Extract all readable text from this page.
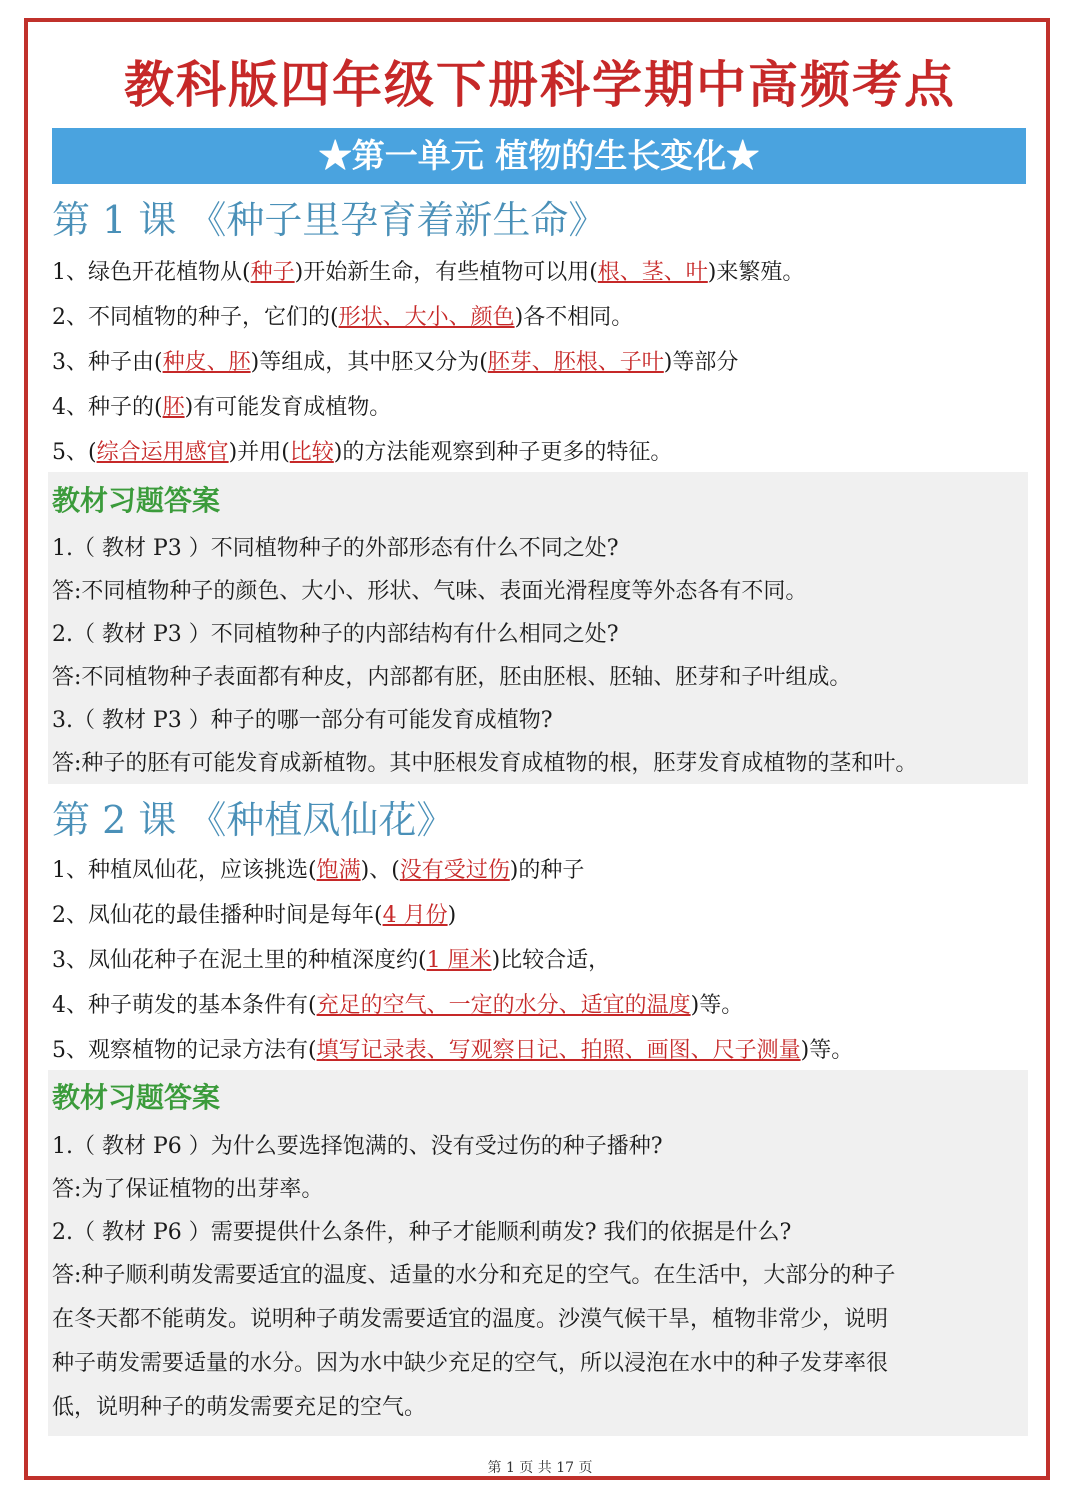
教科版四年级下册科学期中高频考点
★第一单元 植物的生长变化★
第 1 课 《种子里孕育着新生命》
1、绿色开花植物从(种子)开始新生命，有些植物可以用(根、茎、叶)来繁殖。
2、不同植物的种子，它们的(形状、大小、颜色)各不相同。
3、种子由(种皮、胚)等组成，其中胚又分为(胚芽、胚根、子叶)等部分
4、种子的(胚)有可能发育成植物。
5、(综合运用感官)并用(比较)的方法能观察到种子更多的特征。
教材习题答案
1.（ 教材 P3 ）不同植物种子的外部形态有什么不同之处?
答:不同植物种子的颜色、大小、形状、气味、表面光滑程度等外态各有不同。
2.（ 教材 P3 ）不同植物种子的内部结构有什么相同之处?
答:不同植物种子表面都有种皮，内部都有胚，胚由胚根、胚轴、胚芽和子叶组成。
3.（ 教材 P3 ）种子的哪一部分有可能发育成植物?
答:种子的胚有可能发育成新植物。其中胚根发育成植物的根，胚芽发育成植物的茎和叶。
第 2 课 《种植凤仙花》
1、种植凤仙花，应该挑选(饱满)、(没有受过伤)的种子
2、凤仙花的最佳播种时间是每年(4 月份)
3、凤仙花种子在泥土里的种植深度约(1 厘米)比较合适，
4、种子萌发的基本条件有(充足的空气、一定的水分、适宜的温度)等。
5、观察植物的记录方法有(填写记录表、写观察日记、拍照、画图、尺子测量)等。
教材习题答案
1.（ 教材 P6 ）为什么要选择饱满的、没有受过伤的种子播种?
答:为了保证植物的出芽率。
2.（ 教材 P6 ）需要提供什么条件，种子才能顺利萌发? 我们的依据是什么?
答:种子顺利萌发需要适宜的温度、适量的水分和充足的空气。在生活中，大部分的种子
在冬天都不能萌发。说明种子萌发需要适宜的温度。沙漠气候干旱，植物非常少，说明
种子萌发需要适量的水分。因为水中缺少充足的空气，所以浸泡在水中的种子发芽率很
低，说明种子的萌发需要充足的空气。
第 1 页 共 17 页
